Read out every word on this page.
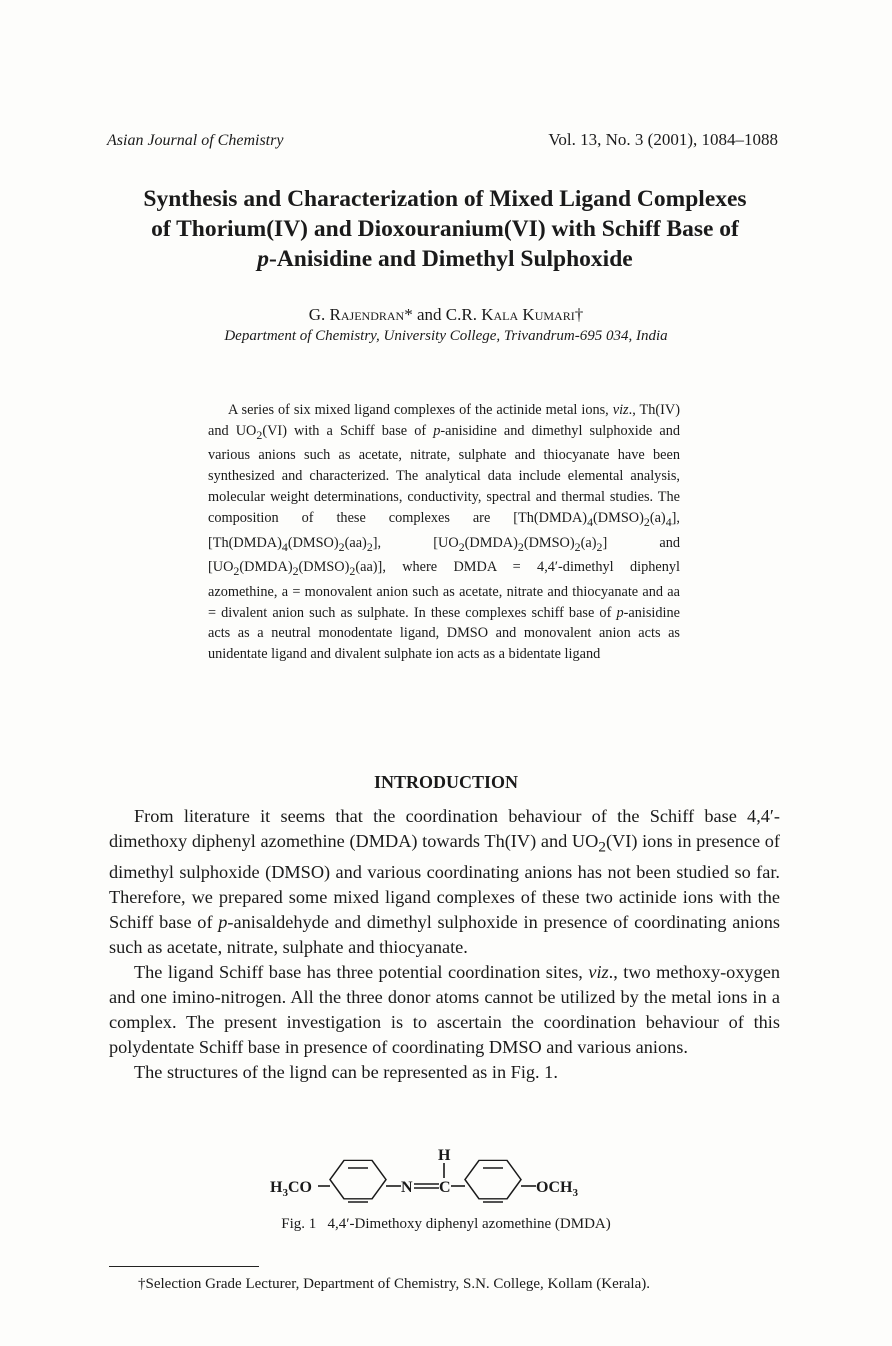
Asian Journal of Chemistry	Vol. 13, No. 3 (2001), 1084–1088
Synthesis and Characterization of Mixed Ligand Complexes
of Thorium(IV) and Dioxouranium(VI) with Schiff Base of
p-Anisidine and Dimethyl Sulphoxide
G. Rajendran* and C.R. Kala Kumari†
Department of Chemistry, University College, Trivandrum-695 034, India
A series of six mixed ligand complexes of the actinide metal ions, viz., Th(IV) and $UO_2(VI)$ with a Schiff base of p-anisidine and dimethyl sulphoxide and various anions such as acetate, nitrate, sulphate and thiocyanate have been synthesized and characterized. The analytical data include elemental analysis, molecular weight determinations, conductivity, spectral and thermal studies. The composition of these complexes are $[Th(DMDA)_4(DMSO)_2(a)_4]$, $[Th(DMDA)_4(DMSO)_2(aa)_2]$, $[UO_2(DMDA)_2(DMSO)_2(a)_2]$ and $[UO_2(DMDA)_2(DMSO)_2(aa)]$, where DMDA = 4,4′-dimethyl diphenyl azomethine, a = monovalent anion such as acetate, nitrate and thiocyanate and aa = divalent anion such as sulphate. In these complexes schiff base of p-anisidine acts as a neutral monodentate ligand, DMSO and monovalent anion acts as unidentate ligand and divalent sulphate ion acts as a bidentate ligand
INTRODUCTION

From literature it seems that the coordination behaviour of the Schiff base 4,4′-dimethoxy diphenyl azomethine (DMDA) towards Th(IV) and $UO_2(VI)$ ions in presence of dimethyl sulphoxide (DMSO) and various coordinating anions has not been studied so far. Therefore, we prepared some mixed ligand complexes of these two actinide ions with the Schiff base of p-anisaldehyde and dimethyl sulphoxide in presence of coordinating anions such as acetate, nitrate, sulphate and thiocyanate.

The ligand Schiff base has three potential coordination sites, viz., two methoxy-oxygen and one imino-nitrogen. All the three donor atoms cannot be utilized by the metal ions in a complex. The present investigation is to ascertain the coordination behaviour of this polydentate Schiff base in presence of coordinating DMSO and various anions.

The structures of the lignd can be represented as in Fig. 1.

$H_3CO$	N C
H
$OCH_3$
Fig. 1   4,4′-Dimethoxy diphenyl azomethine (DMDA)
†Selection Grade Lecturer, Department of Chemistry, S.N. College, Kollam (Kerala).
